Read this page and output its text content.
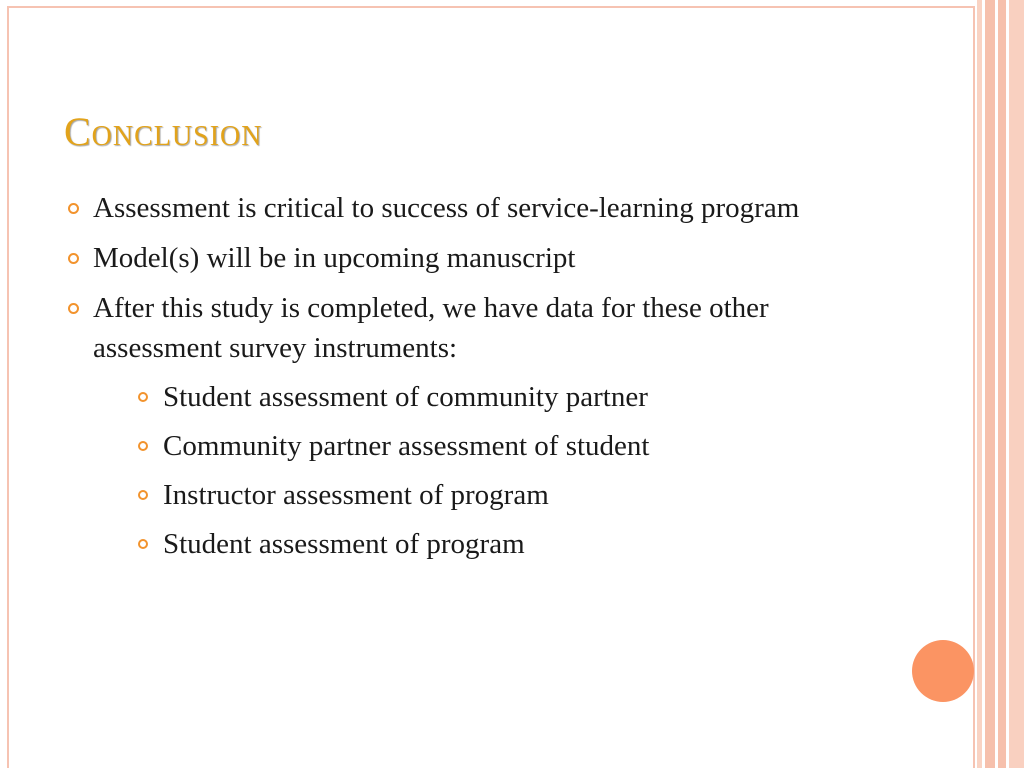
Conclusion
Assessment is critical to success of service-learning program
Model(s) will be in upcoming manuscript
After this study is completed, we have data for these other assessment survey instruments:
Student assessment of community partner
Community partner assessment of student
Instructor assessment of program
Student assessment of program
